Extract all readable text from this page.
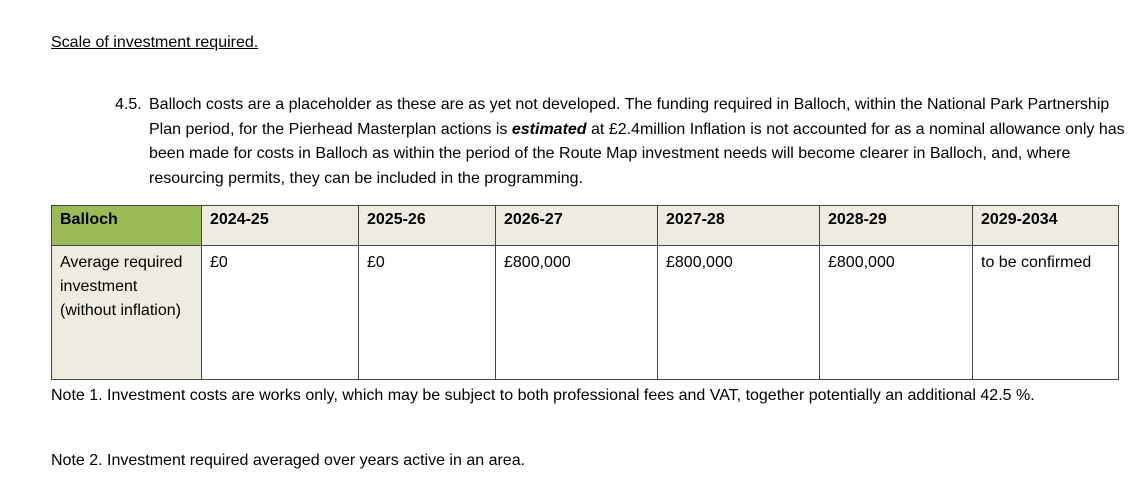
Scale of investment required.
4.5. Balloch costs are a placeholder as these are as yet not developed. The funding required in Balloch, within the National Park Partnership Plan period, for the Pierhead Masterplan actions is estimated at £2.4million Inflation is not accounted for as a nominal allowance only has been made for costs in Balloch as within the period of the Route Map investment needs will become clearer in Balloch, and, where resourcing permits, they can be included in the programming.
Balloch	2024-25	2025-26	2026-27	2027-28	2028-29	2029-2034
Average required investment (without inflation)	£0	£0	£800,000	£800,000	£800,000	to be confirmed
Note 1. Investment costs are works only, which may be subject to both professional fees and VAT, together potentially an additional 42.5 %.
Note 2. Investment required averaged over years active in an area.
